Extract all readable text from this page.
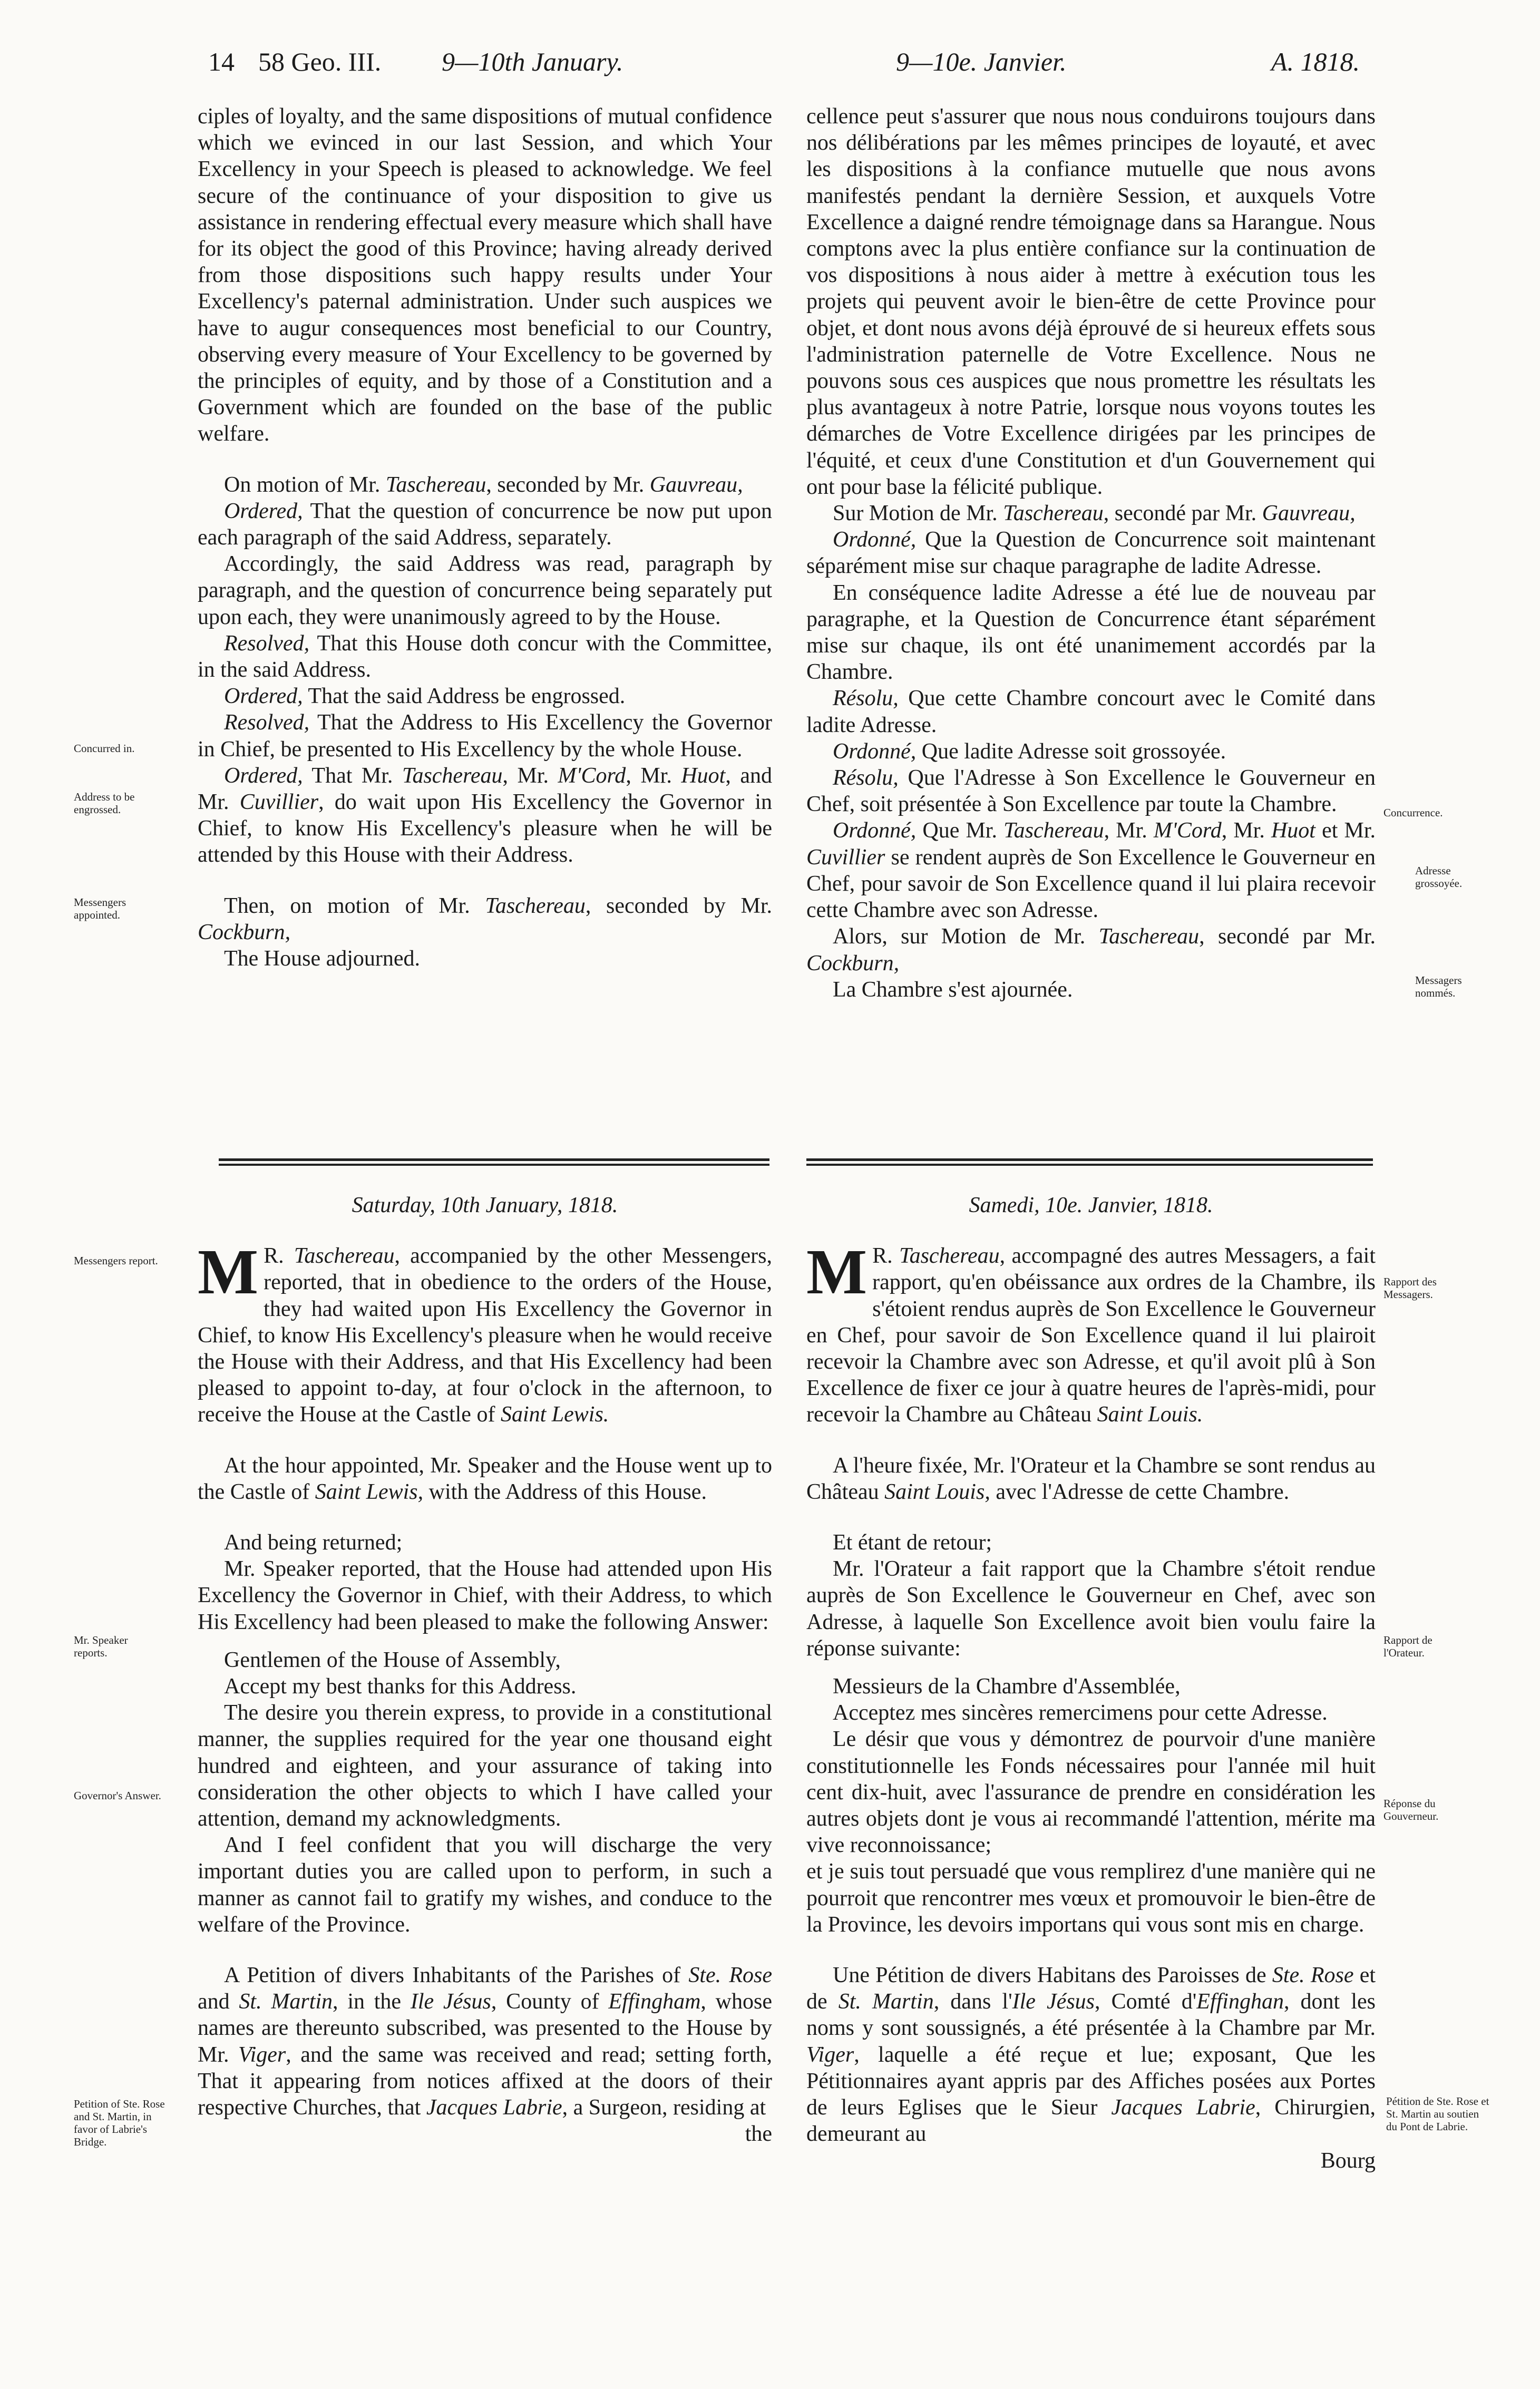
14 58 Geo. III. 9—10th January.	9—10e. Janvier.	A. 1818.

ciples of loyalty, and the same dispositions of mutual confidence which we evinced in our last Session, and which Your Excellency in your Speech is pleased to acknowledge. We feel secure of the continuance of your disposition to give us assistance in rendering effectual every measure which shall have for its object the good of this Province; having already derived from those dispositions such happy results under Your Excellency's paternal administration. Under such auspices we have to augur consequences most beneficial to our Country, observing every measure of Your Excellency to be governed by the principles of equity, and by those of a Constitution and a Government which are founded on the base of the public welfare.

On motion of Mr. Taschereau, seconded by Mr. Gauvreau,

Ordered, That the question of concurrence be now put upon each paragraph of the said Address, separately.

Accordingly, the said Address was read, paragraph by paragraph, and the question of concurrence being separately put upon each, they were unanimously agreed to by the House.

Resolved, That this House doth concur with the Committee, in the said Address.

Ordered, That the said Address be engrossed.

Resolved, That the Address to His Excellency the Governor in Chief, be presented to His Excellency by the whole House.

Ordered, That Mr. Taschereau, Mr. M'Cord, Mr. Huot, and Mr. Cuvillier, do wait upon His Excellency the Governor in Chief, to know His Excellency's pleasure when he will be attended by this House with their Address.

Then, on motion of Mr. Taschereau, seconded by Mr. Cockburn,

The House adjourned.

cellence peut s'assurer que nous nous conduirons toujours dans nos délibérations par les mêmes principes de loyauté, et avec les dispositions à la confiance mutuelle que nous avons manifestés pendant la dernière Session, et auxquels Votre Excellence a daigné rendre témoignage dans sa Harangue. Nous comptons avec la plus entière confiance sur la continuation de vos dispositions à nous aider à mettre à exécution tous les projets qui peuvent avoir le bien-être de cette Province pour objet, et dont nous avons déjà éprouvé de si heureux effets sous l'administration paternelle de Votre Excellence. Nous ne pouvons sous ces auspices que nous promettre les résultats les plus avantageux à notre Patrie, lorsque nous voyons toutes les démarches de Votre Excellence dirigées par les principes de l'équité, et ceux d'une Constitution et d'un Gouvernement qui ont pour base la félicité publique.

Sur Motion de Mr. Taschereau, secondé par Mr. Gauvreau,

Ordonné, Que la Question de Concurrence soit maintenant séparément mise sur chaque paragraphe de ladite Adresse.

En conséquence ladite Adresse a été lue de nouveau par paragraphe, et la Question de Concurrence étant séparément mise sur chaque, ils ont été unanimement accordés par la Chambre.

Résolu, Que cette Chambre concourt avec le Comité dans ladite Adresse.

Ordonné, Que ladite Adresse soit grossoyée.

Résolu, Que l'Adresse à Son Excellence le Gouverneur en Chef, soit présentée à Son Excellence par toute la Chambre.

Ordonné, Que Mr. Taschereau, Mr. M'Cord, Mr. Huot et Mr. Cuvillier se rendent auprès de Son Excellence le Gouverneur en Chef, pour savoir de Son Excellence quand il lui plaira recevoir cette Chambre avec son Adresse.

Alors, sur Motion de Mr. Taschereau, secondé par Mr. Cockburn,

La Chambre s'est ajournée.

Saturday, 10th January, 1818.

M R. Taschereau, accompanied by the other Messengers, reported, that in obedience to the orders of the House, they had waited upon His Excellency the Governor in Chief, to know His Excellency's pleasure when he would receive the House with their Address, and that His Excellency had been pleased to appoint to-day, at four o'clock in the afternoon, to receive the House at the Castle of Saint Lewis.

At the hour appointed, Mr. Speaker and the House went up to the Castle of Saint Lewis, with the Address of this House.

And being returned;

Mr. Speaker reported, that the House had attended upon His Excellency the Governor in Chief, with their Address, to which His Excellency had been pleased to make the following Answer:

Gentlemen of the House of Assembly,

Accept my best thanks for this Address.

The desire you therein express, to provide in a constitutional manner, the supplies required for the year one thousand eight hundred and eighteen, and your assurance of taking into consideration the other objects to which I have called your attention, demand my acknowledgments.

And I feel confident that you will discharge the very important duties you are called upon to perform, in such a manner as cannot fail to gratify my wishes, and conduce to the welfare of the Province.

A Petition of divers Inhabitants of the Parishes of Ste. Rose and St. Martin, in the Ile Jésus, County of Effingham, whose names are thereunto subscribed, was presented to the House by Mr. Viger, and the same was received and read; setting forth, That it appearing from notices affixed at the doors of their respective Churches, that Jacques Labrie, a Surgeon, residing at

the

Samedi, 10e. Janvier, 1818.

M R. Taschereau, accompagné des autres Messagers, a fait rapport, qu'en obéissance aux ordres de la Chambre, ils s'étoient rendus auprès de Son Excellence le Gouverneur en Chef, pour savoir de Son Excellence quand il lui plairoit recevoir la Chambre avec son Adresse, et qu'il avoit plû à Son Excellence de fixer ce jour à quatre heures de l'après-midi, pour recevoir la Chambre au Château Saint Louis.

A l'heure fixée, Mr. l'Orateur et la Chambre se sont rendus au Château Saint Louis, avec l'Adresse de cette Chambre.

Et étant de retour;

Mr. l'Orateur a fait rapport que la Chambre s'étoit rendue auprès de Son Excellence le Gouverneur en Chef, avec son Adresse, à laquelle Son Excellence avoit bien voulu faire la réponse suivante:

Messieurs de la Chambre d'Assemblée,

Acceptez mes sincères remercimens pour cette Adresse.

Le désir que vous y démontrez de pourvoir d'une manière constitutionnelle les Fonds nécessaires pour l'année mil huit cent dix-huit, avec l'assurance de prendre en considération les autres objets dont je vous ai recommandé l'attention, mérite ma vive reconnoissance;

et je suis tout persuadé que vous remplirez d'une manière qui ne pourroit que rencontrer mes vœux et promouvoir le bien-être de la Province, les devoirs importans qui vous sont mis en charge.

Une Pétition de divers Habitans des Paroisses de Ste. Rose et de St. Martin, dans l'Ile Jésus, Comté d'Effinghan, dont les noms y sont soussignés, a été présentée à la Chambre par Mr. Viger, laquelle a été reçue et lue; exposant, Que les Pétitionnaires ayant appris par des Affiches posées aux Portes de leurs Eglises que le Sieur Jacques Labrie, Chirurgien, demeurant au

Bourg

Concurred in.
Address to be engrossed.
Messengers appointed.
Messengers report.
Mr. Speaker reports.
Governor's Answer.
Petition of Ste. Rose and St. Martin, in favor of Labrie's Bridge.
Concurrence.
Adresse grossoyée.
Messagers nommés.
Rapport des Messagers.
Rapport de l'Orateur.
Réponse du Gouverneur.
Pétition de Ste. Rose et St. Martin au soutien du Pont de Labrie.
